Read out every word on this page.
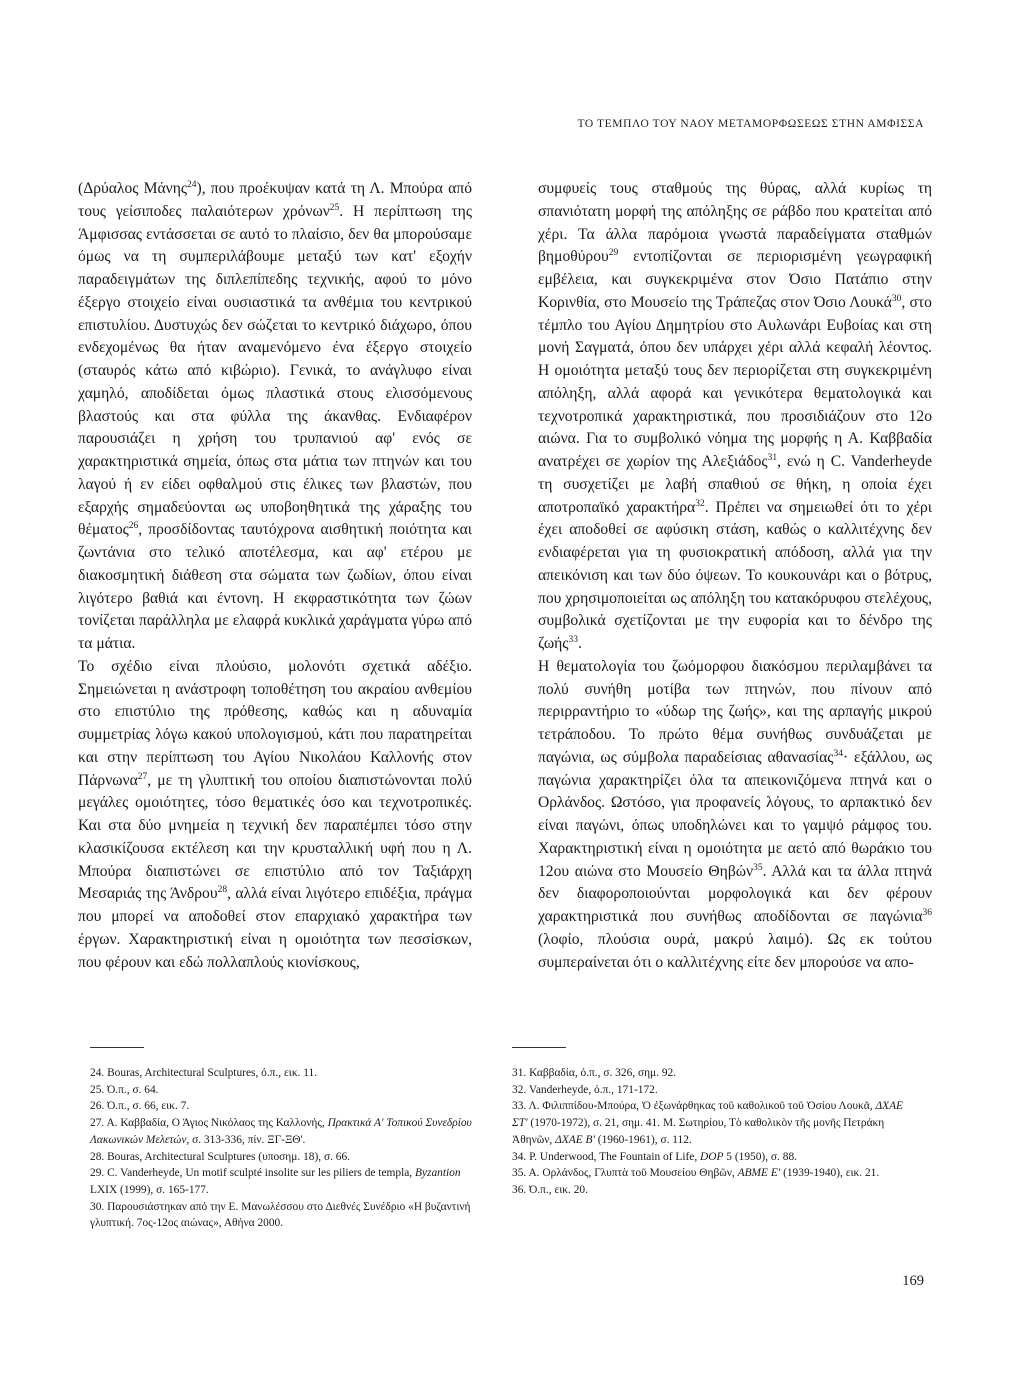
ΤΟ ΤΕΜΠΛΟ ΤΟΥ ΝΑΟΥ ΜΕΤΑΜΟΡΦΩΣΕΩΣ ΣΤΗΝ ΑΜΦΙΣΣΑ

(Δρύαλος Μάνης$^{24}$), που προέκυψαν κατά τη Λ. Μπούρα από τους γείσιποδες παλαιότερων χρόνων$^{25}$. Η περίπτωση της Άμφισσας εντάσσεται σε αυτό το πλαίσιο, δεν θα μπορούσαμε όμως να τη συμπεριλάβουμε μεταξύ των κατ' εξοχήν παραδειγμάτων της διπλεπίπεδης τεχνικής, αφού το μόνο έξεργο στοιχείο είναι ουσιαστικά τα ανθέμια του κεντρικού επιστυλίου. Δυστυχώς δεν σώζεται το κεντρικό διάχωρο, όπου ενδεχομένως θα ήταν αναμενόμενο ένα έξεργο στοιχείο (σταυρός κάτω από κιβώριο). Γενικά, το ανάγλυφο είναι χαμηλό, αποδίδεται όμως πλαστικά στους ελισσόμενους βλαστούς και στα φύλλα της άκανθας. Ενδιαφέρον παρουσιάζει η χρήση του τρυπανιού αφ' ενός σε χαρακτηριστικά σημεία, όπως στα μάτια των πτηνών και του λαγού ή εν είδει οφθαλμού στις έλικες των βλαστών, που εξαρχής σημαδεύονται ως υποβοηθητικά της χάραξης του θέματος$^{26}$, προσδίδοντας ταυτόχρονα αισθητική ποιότητα και ζωντάνια στο τελικό αποτέλεσμα, και αφ' ετέρου με διακοσμητική διάθεση στα σώματα των ζωδίων, όπου είναι λιγότερο βαθιά και έντονη. Η εκφραστικότητα των ζώων τονίζεται παράλληλα με ελαφρά κυκλικά χαράγματα γύρω από τα μάτια.

Το σχέδιο είναι πλούσιο, μολονότι σχετικά αδέξιο. Σημειώνεται η ανάστροφη τοποθέτηση του ακραίου ανθεμίου στο επιστύλιο της πρόθεσης, καθώς και η αδυναμία συμμετρίας λόγω κακού υπολογισμού, κάτι που παρατηρείται και στην περίπτωση του Αγίου Νικολάου Καλλονής στον Πάρνωνα$^{27}$, με τη γλυπτική του οποίου διαπιστώνονται πολύ μεγάλες ομοιότητες, τόσο θεματικές όσο και τεχνοτροπικές. Και στα δύο μνημεία η τεχνική δεν παραπέμπει τόσο στην κλασικίζουσα εκτέλεση και την κρυσταλλική υφή που η Λ. Μπούρα διαπιστώνει σε επιστύλιο από τον Ταξιάρχη Μεσαριάς της Άνδρου$^{28}$, αλλά είναι λιγότερο επιδέξια, πράγμα που μπορεί να αποδοθεί στον επαρχιακό χαρακτήρα των έργων. Χαρακτηριστική είναι η ομοιότητα των πεσσίσκων, που φέρουν και εδώ πολλαπλούς κιονίσκους,

συμφυείς τους σταθμούς της θύρας, αλλά κυρίως τη σπανιότατη μορφή της απόληξης σε ράβδο που κρατείται από χέρι. Τα άλλα παρόμοια γνωστά παραδείγματα σταθμών βημοθύρου$^{29}$ εντοπίζονται σε περιορισμένη γεωγραφική εμβέλεια, και συγκεκριμένα στον Όσιο Πατάπιο στην Κορινθία, στο Μουσείο της Τράπεζας στον Όσιο Λουκά$^{30}$, στο τέμπλο του Αγίου Δημητρίου στο Αυλωνάρι Ευβοίας και στη μονή Σαγματά, όπου δεν υπάρχει χέρι αλλά κεφαλή λέοντος. Η ομοιότητα μεταξύ τους δεν περιορίζεται στη συγκεκριμένη απόληξη, αλλά αφορά και γενικότερα θεματολογικά και τεχνοτροπικά χαρακτηριστικά, που προσιδιάζουν στο 12ο αιώνα. Για το συμβολικό νόημα της μορφής η Α. Καββαδία ανατρέχει σε χωρίον της Αλεξιάδος$^{31}$, ενώ η C. Vanderheyde τη συσχετίζει με λαβή σπαθιού σε θήκη, η οποία έχει αποτροπαϊκό χαρακτήρα$^{32}$. Πρέπει να σημειωθεί ότι το χέρι έχει αποδοθεί σε αφύσικη στάση, καθώς ο καλλιτέχνης δεν ενδιαφέρεται για τη φυσιοκρατική απόδοση, αλλά για την απεικόνιση και των δύο όψεων. Το κουκουνάρι και ο βότρυς, που χρησιμοποιείται ως απόληξη του κατακόρυφου στελέχους, συμβολικά σχετίζονται με την ευφορία και το δένδρο της ζωής$^{33}$.

Η θεματολογία του ζωόμορφου διακόσμου περιλαμβάνει τα πολύ συνήθη μοτίβα των πτηνών, που πίνουν από περιρραντήριο το «ύδωρ της ζωής», και της αρπαγής μικρού τετράποδου. Το πρώτο θέμα συνήθως συνδυάζεται με παγώνια, ως σύμβολα παραδείσιας αθανασίας$^{34}$· εξάλλου, ως παγώνια χαρακτηρίζει όλα τα απεικονιζόμενα πτηνά και ο Ορλάνδος. Ωστόσο, για προφανείς λόγους, το αρπακτικό δεν είναι παγώνι, όπως υποδηλώνει και το γαμψό ράμφος του. Χαρακτηριστική είναι η ομοιότητα με αετό από θωράκιο του 12ου αιώνα στο Μουσείο Θηβών$^{35}$. Αλλά και τα άλλα πτηνά δεν διαφοροποιούνται μορφολογικά και δεν φέρουν χαρακτηριστικά που συνήθως αποδίδονται σε παγώνια$^{36}$ (λοφίο, πλούσια ουρά, μακρύ λαιμό). Ως εκ τούτου συμπεραίνεται ότι ο καλλιτέχνης είτε δεν μπορούσε να απο-

24. Bouras, Architectural Sculptures, ό.π., εικ. 11.

25. Ό.π., σ. 64.

26. Ό.π., σ. 66, εικ. 7.

27. Α. Καββαδία, Ο Άγιος Νικόλαος της Καλλονής, Πρακτικά Α' Τοπικού Συνεδρίου Λακωνικών Μελετών, σ. 313-336, πίν. ΞΓ-ΞΘ'.

28. Bouras, Architectural Sculptures (υποσημ. 18), σ. 66.

29. C. Vanderheyde, Un motif sculpté insolite sur les piliers de templa, Byzantion LXIX (1999), σ. 165-177.

30. Παρουσιάστηκαν από την Ε. Μανωλέσσου στο Διεθνές Συνέδριο «Η βυζαντινή γλυπτική. 7ος-12ος αιώνας», Αθήνα 2000.

31. Καββαδία, ό.π., σ. 326, σημ. 92.

32. Vanderheyde, ό.π., 171-172.

33. Λ. Φιλιππίδου-Μπούρα, Ὁ ἐξωνάρθηκας τοῦ καθολικοῦ τοῦ Ὁσίου Λουκᾶ, ΔΧΑΕ ΣΤ' (1970-1972), σ. 21, σημ. 41. Μ. Σωτηρίου, Τὸ καθολικὸν τῆς μονῆς Πετράκη Ἀθηνῶν, ΔΧΑΕ Β' (1960-1961), σ. 112.

34. P. Underwood, The Fountain of Life, DOP 5 (1950), σ. 88.

35. Α. Ορλάνδος, Γλυπτὰ τοῦ Μουσείου Θηβῶν, ΑΒΜΕ Ε' (1939-1940), εικ. 21.

36. Ό.π., εικ. 20.

169
